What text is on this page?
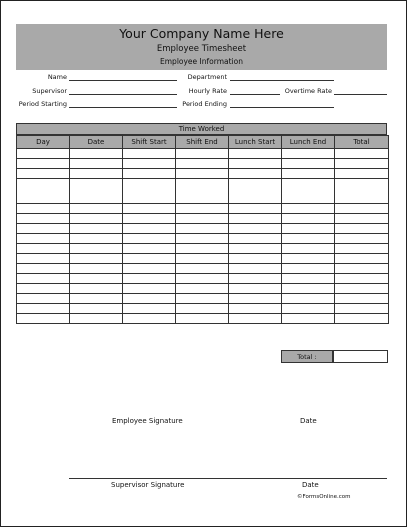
Your Company Name Here
Employee Timesheet
Employee Information
Name	Department
Supervisor	Hourly Rate	Overtime Rate
Period Starting	Period Ending
Time Worked
Day	Date	Shift Start	Shift End	Lunch Start	Lunch End	Total

Total :
Employee Signature	Date
Supervisor Signature	Date
©FormsOnline.com
